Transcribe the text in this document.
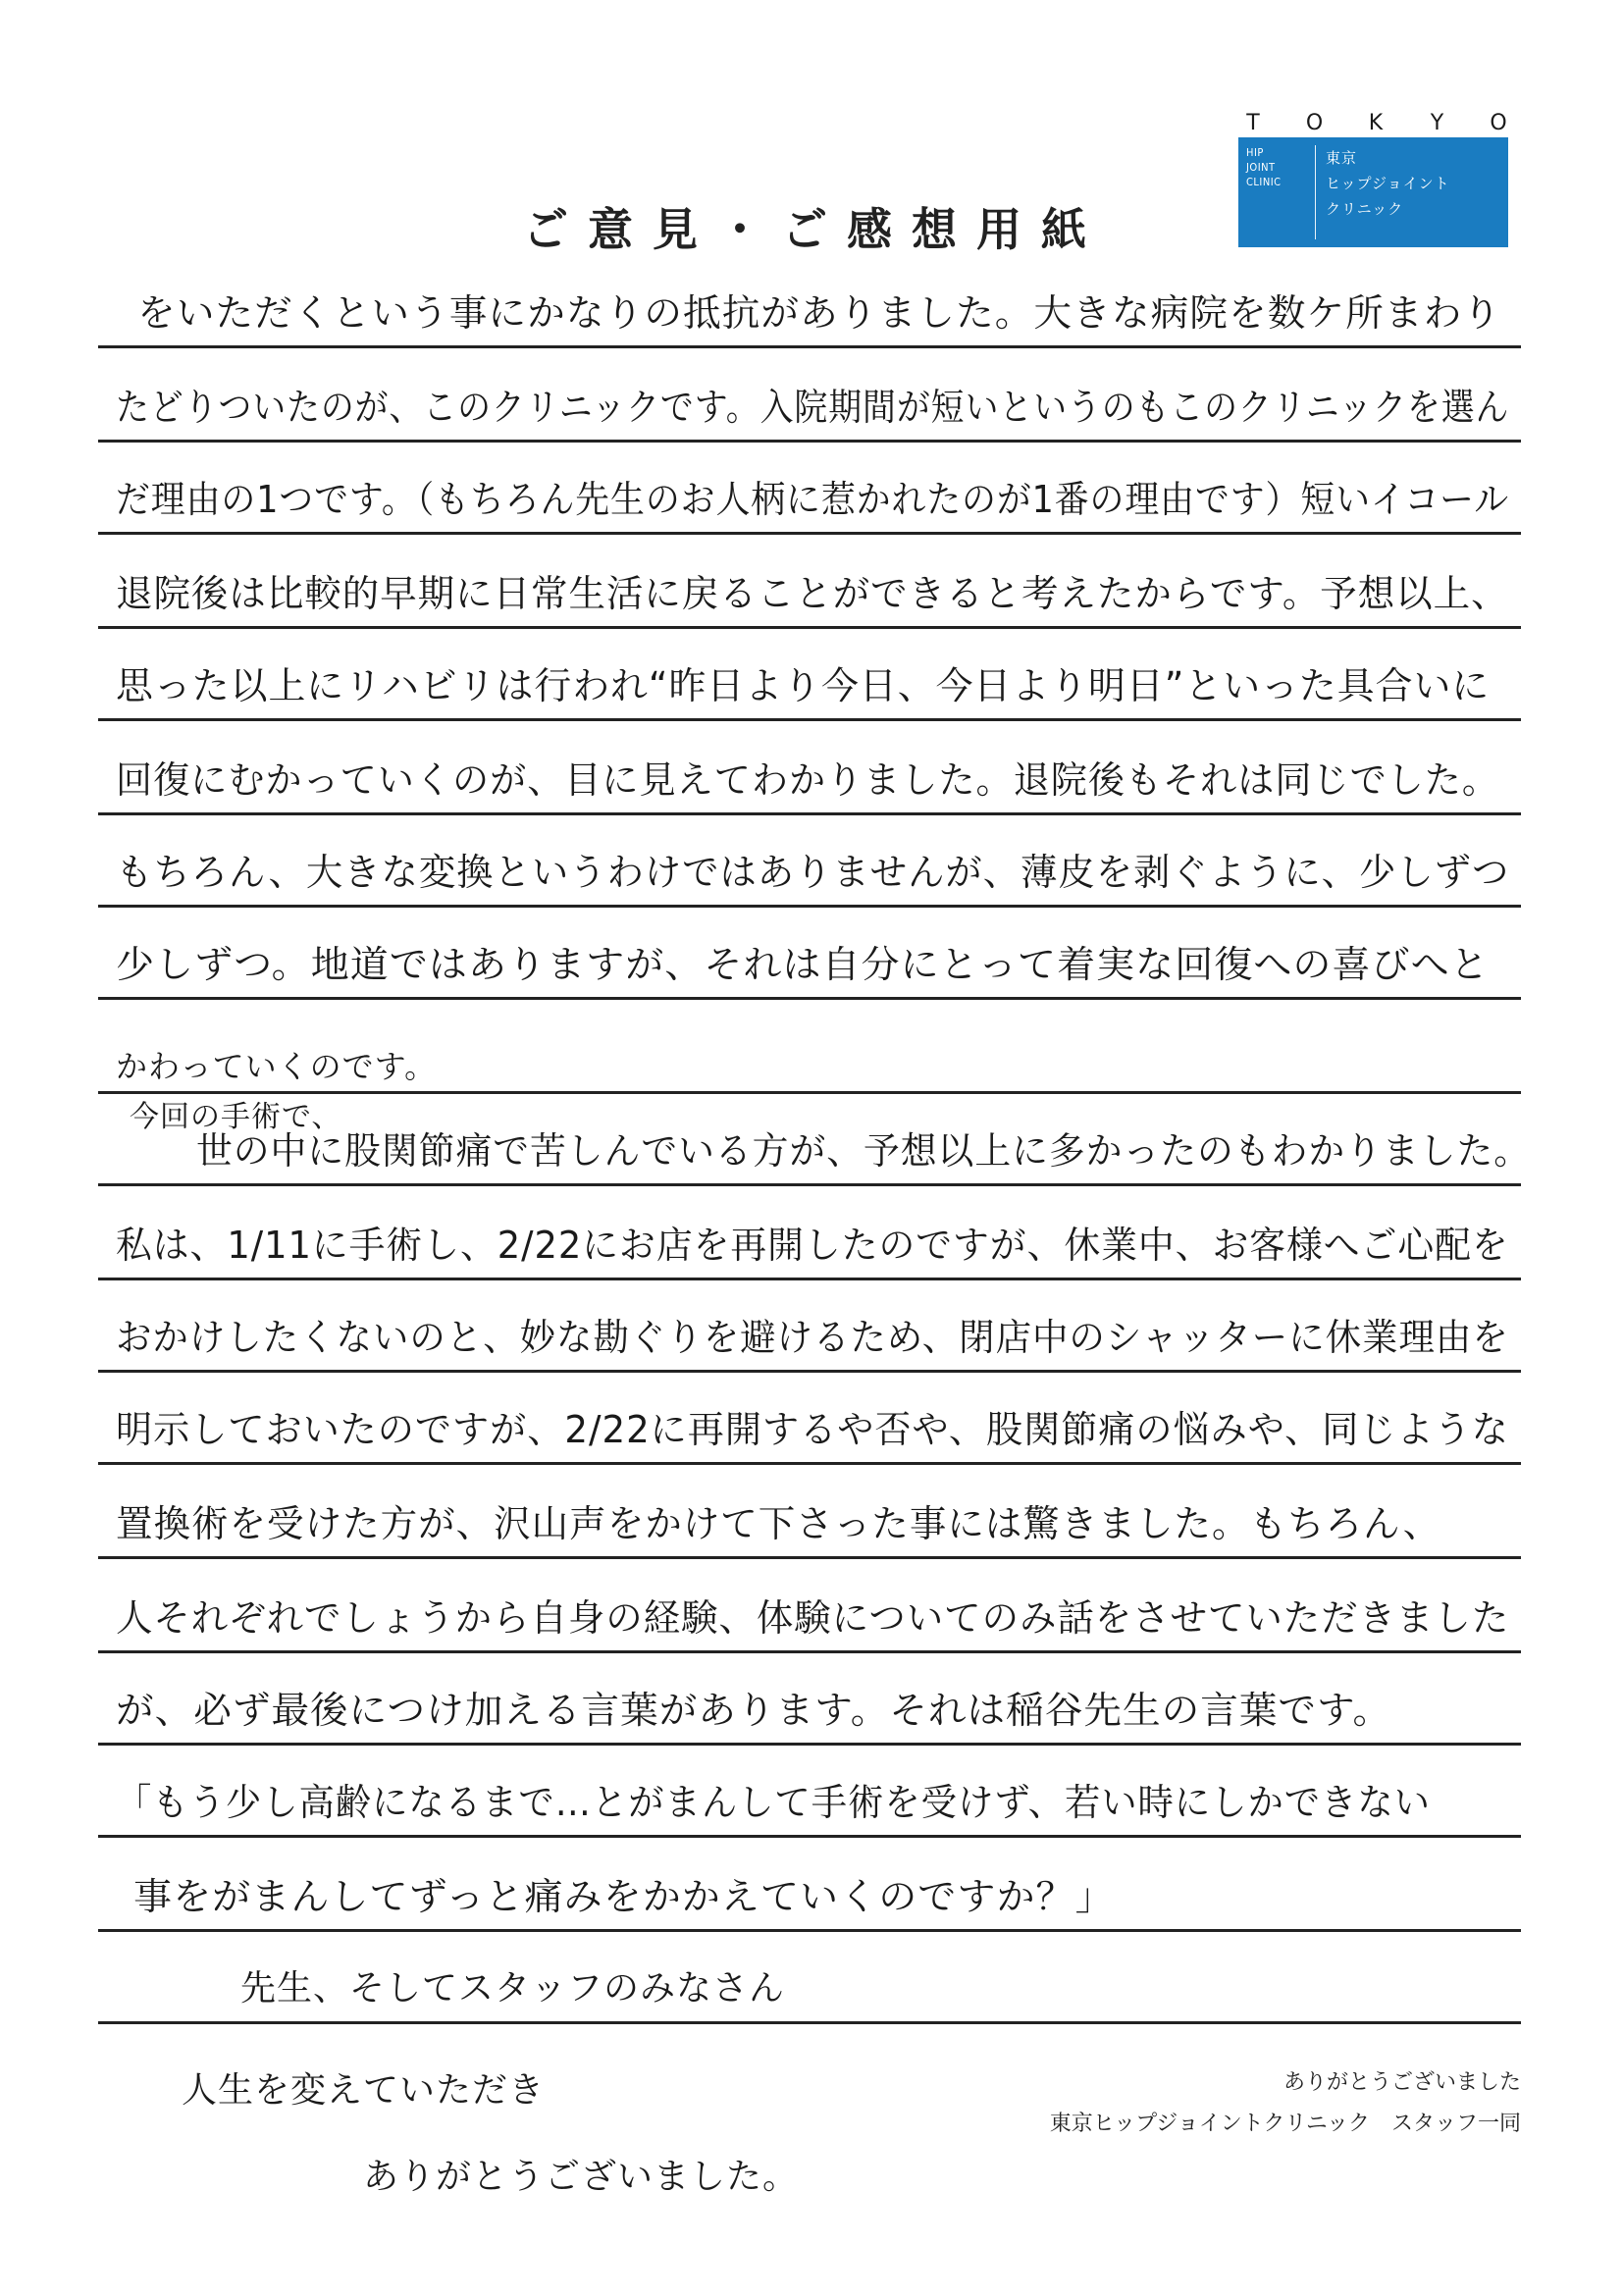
T	O	K	Y	O
HIP
JOINT
CLINIC
東京
ヒップジョイント
クリニック
ご意見・ご感想用紙
をいただくという事にかなりの抵抗がありました。大きな病院を数ケ所まわり
たどりついたのが、このクリニックです。入院期間が短いというのもこのクリニックを選ん
だ理由の1つです。（もちろん先生のお人柄に惹かれたのが1番の理由です）短いイコール
退院後は比較的早期に日常生活に戻ることができると考えたからです。予想以上、
思った以上にリハビリは行われ“昨日より今日、今日より明日”といった具合いに
回復にむかっていくのが、目に見えてわかりました。退院後もそれは同じでした。
もちろん、大きな変換というわけではありませんが、薄皮を剥ぐように、少しずつ
少しずつ。地道ではありますが、それは自分にとって着実な回復への喜びへと
かわっていくのです。
今回の手術で、
世の中に股関節痛で苦しんでいる方が、予想以上に多かったのもわかりました。
私は、1/11に手術し、2/22にお店を再開したのですが、休業中、お客様へご心配を
おかけしたくないのと、妙な勘ぐりを避けるため、閉店中のシャッターに休業理由を
明示しておいたのですが、2/22に再開するや否や、股関節痛の悩みや、同じような
置換術を受けた方が、沢山声をかけて下さった事には驚きました。もちろん、
人それぞれでしょうから自身の経験、体験についてのみ話をさせていただきました
が、必ず最後につけ加える言葉があります。それは稲谷先生の言葉です。
「もう少し高齢になるまで…とがまんして手術を受けず、若い時にしかできない
事をがまんしてずっと痛みをかかえていくのですか？」
先生、そしてスタッフのみなさん
人生を変えていただき
ありがとうございました。
ありがとうございました
東京ヒップジョイントクリニック　スタッフ一同
